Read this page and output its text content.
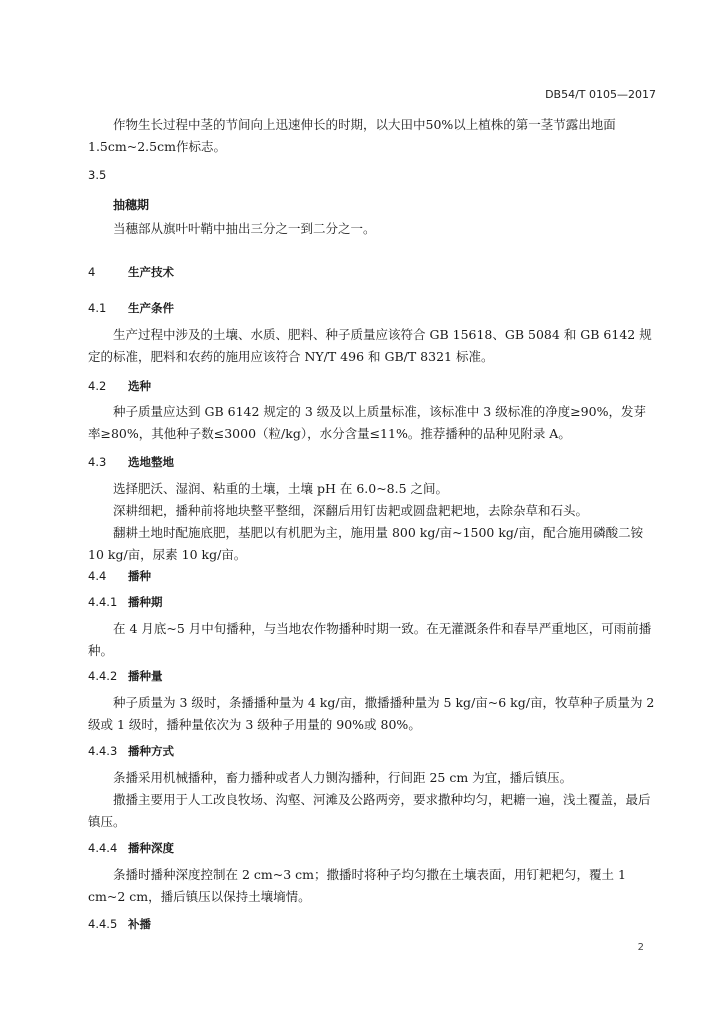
DB54/T 0105—2017

作物生长过程中茎的节间向上迅速伸长的时期，以大田中50%以上植株的第一茎节露出地面1.5cm~2.5cm作标志。

3.5
抽穗期

当穗部从旗叶叶鞘中抽出三分之一到二分之一。

4	生产技术
4.1	生产条件

生产过程中涉及的土壤、水质、肥料、种子质量应该符合 GB 15618、GB 5084 和 GB 6142 规定的标准，肥料和农药的施用应该符合 NY/T 496 和 GB/T 8321 标准。

4.2	选种

种子质量应达到 GB 6142 规定的 3 级及以上质量标准，该标准中 3 级标准的净度≥90%，发芽率≥80%，其他种子数≤3000（粒/kg），水分含量≤11%。推荐播种的品种见附录 A。

4.3	选地整地

选择肥沃、湿润、粘重的土壤，土壤 pH 在 6.0~8.5 之间。

深耕细耙，播种前将地块整平整细，深翻后用钉齿耙或圆盘耙耙地，去除杂草和石头。

翻耕土地时配施底肥，基肥以有机肥为主，施用量 800 kg/亩~1500 kg/亩，配合施用磷酸二铵 10 kg/亩，尿素 10 kg/亩。

4.4	播种
4.4.1 播种期

在 4 月底~5 月中旬播种，与当地农作物播种时期一致。在无灌溉条件和春旱严重地区，可雨前播种。

4.4.2 播种量

种子质量为 3 级时，条播播种量为 4 kg/亩，撒播播种量为 5 kg/亩~6 kg/亩，牧草种子质量为 2 级或 1 级时，播种量依次为 3 级种子用量的 90%或 80%。

4.4.3 播种方式

条播采用机械播种，畜力播种或者人力铡沟播种，行间距 25 cm 为宜，播后镇压。

撒播主要用于人工改良牧场、沟壑、河滩及公路两旁，要求撒种均匀，耙耱一遍，浅土覆盖，最后镇压。

4.4.4 播种深度

条播时播种深度控制在 2 cm~3 cm；撒播时将种子均匀撒在土壤表面，用钉耙耙匀，覆土 1 cm~2 cm，播后镇压以保持土壤墒情。

4.4.5 补播
2
